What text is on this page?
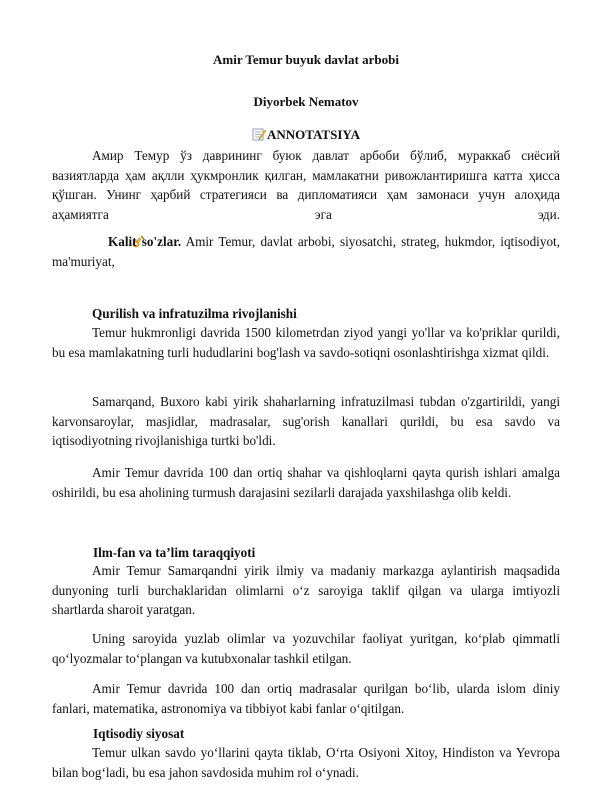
Amir Temur buyuk davlat arbobi
Diyorbek Nematov
ANNOTATSIYA

Амир Темур ўз даврининг буюк давлат арбоби бўлиб, мураккаб сиёсий вазиятларда ҳам ақлли ҳукмронлик қилган, мамлакатни ривожлантиришга катта ҳисса қўшган. Унинг ҳарбий стратегияси ва дипломатияси ҳам замонаси учун алоҳида аҳамиятга эга эди.

Kalit so'zlar. Amir Temur, davlat arbobi, siyosatchi, strateg, hukmdor, iqtisodiyot, ma'muriyat,

Qurilish va infratuzilma rivojlanishi

Temur hukmronligi davrida 1500 kilometrdan ziyod yangi yo'llar va ko'priklar qurildi, bu esa mamlakatning turli hududlarini bog'lash va savdo-sotiqni osonlashtirishga xizmat qildi.

Samarqand, Buxoro kabi yirik shaharlarning infratuzilmasi tubdan o'zgartirildi, yangi karvonsaroylar, masjidlar, madrasalar, sug'orish kanallari qurildi, bu esa savdo va iqtisodiyotning rivojlanishiga turtki bo'ldi.

Amir Temur davrida 100 dan ortiq shahar va qishloqlarni qayta qurish ishlari amalga oshirildi, bu esa aholining turmush darajasini sezilarli darajada yaxshilashga olib keldi.

Ilm-fan va ta’lim taraqqiyoti

Amir Temur Samarqandni yirik ilmiy va madaniy markazga aylantirish maqsadida dunyoning turli burchaklaridan olimlarni o‘z saroyiga taklif qilgan va ularga imtiyozli shartlarda sharoit yaratgan.

Uning saroyida yuzlab olimlar va yozuvchilar faoliyat yuritgan, ko‘plab qimmatli qo‘lyozmalar to‘plangan va kutubxonalar tashkil etilgan.

Amir Temur davrida 100 dan ortiq madrasalar qurilgan bo‘lib, ularda islom diniy fanlari, matematika, astronomiya va tibbiyot kabi fanlar o‘qitilgan.

Iqtisodiy siyosat

Temur ulkan savdo yo‘llarini qayta tiklab, O‘rta Osiyoni Xitoy, Hindiston va Yevropa bilan bog‘ladi, bu esa jahon savdosida muhim rol o‘ynadi.
